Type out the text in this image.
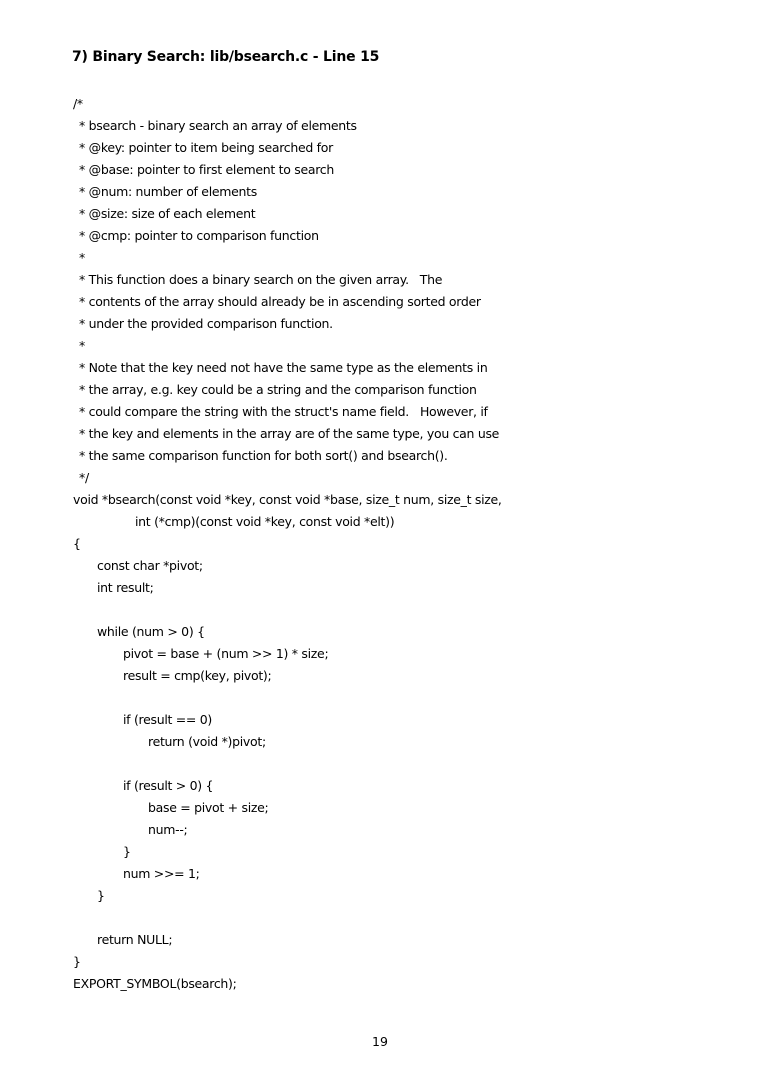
7) Binary Search: lib/bsearch.c - Line 15
/*
* bsearch - binary search an array of elements
* @key: pointer to item being searched for
* @base: pointer to first element to search
* @num: number of elements
* @size: size of each element
* @cmp: pointer to comparison function
*
* This function does a binary search on the given array.   The
* contents of the array should already be in ascending sorted order
* under the provided comparison function.
*
* Note that the key need not have the same type as the elements in
* the array, e.g. key could be a string and the comparison function
* could compare the string with the struct's name field.   However, if
* the key and elements in the array are of the same type, you can use
* the same comparison function for both sort() and bsearch().
*/
void *bsearch(const void *key, const void *base, size_t num, size_t size,
int (*cmp)(const void *key, const void *elt))
{
const char *pivot;
int result;
while (num > 0) {
pivot = base + (num >> 1) * size;
result = cmp(key, pivot);
if (result == 0)
return (void *)pivot;
if (result > 0) {
base = pivot + size;
num--;
}
num >>= 1;
}
return NULL;
}
EXPORT_SYMBOL(bsearch);
19
